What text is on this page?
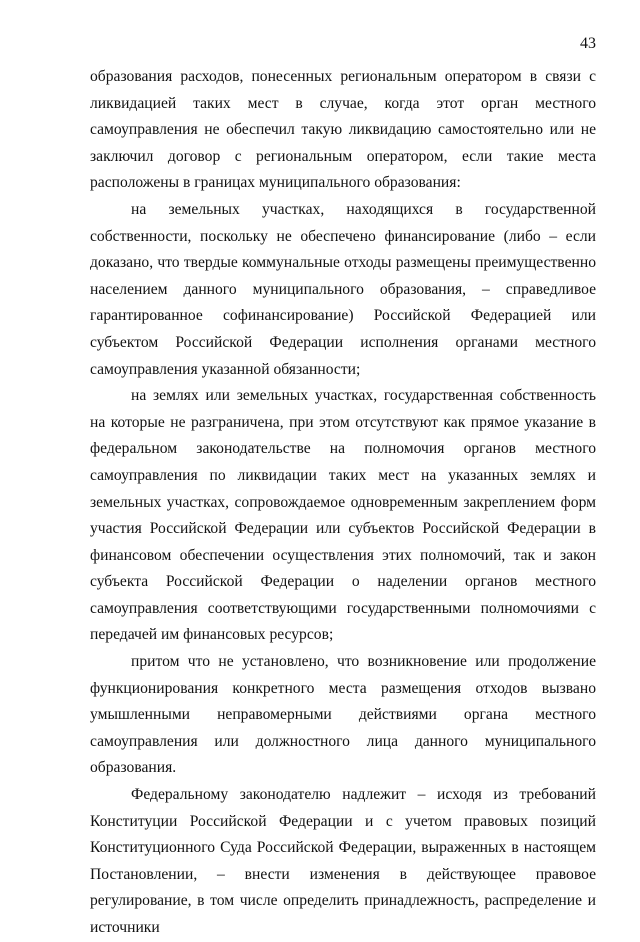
43

образования расходов, понесенных региональным оператором в связи с ликвидацией таких мест в случае, когда этот орган местного самоуправления не обеспечил такую ликвидацию самостоятельно или не заключил договор с региональным оператором, если такие места расположены в границах муниципального образования:

на земельных участках, находящихся в государственной собственности, поскольку не обеспечено финансирование (либо – если доказано, что твердые коммунальные отходы размещены преимущественно населением данного муниципального образования, – справедливое гарантированное софинансирование) Российской Федерацией или субъектом Российской Федерации исполнения органами местного самоуправления указанной обязанности;

на землях или земельных участках, государственная собственность на которые не разграничена, при этом отсутствуют как прямое указание в федеральном законодательстве на полномочия органов местного самоуправления по ликвидации таких мест на указанных землях и земельных участках, сопровождаемое одновременным закреплением форм участия Российской Федерации или субъектов Российской Федерации в финансовом обеспечении осуществления этих полномочий, так и закон субъекта Российской Федерации о наделении органов местного самоуправления соответствующими государственными полномочиями с передачей им финансовых ресурсов;

притом что не установлено, что возникновение или продолжение функционирования конкретного места размещения отходов вызвано умышленными неправомерными действиями органа местного самоуправления или должностного лица данного муниципального образования.

Федеральному законодателю надлежит – исходя из требований Конституции Российской Федерации и с учетом правовых позиций Конституционного Суда Российской Федерации, выраженных в настоящем Постановлении, – внести изменения в действующее правовое регулирование, в том числе определить принадлежность, распределение и источники
